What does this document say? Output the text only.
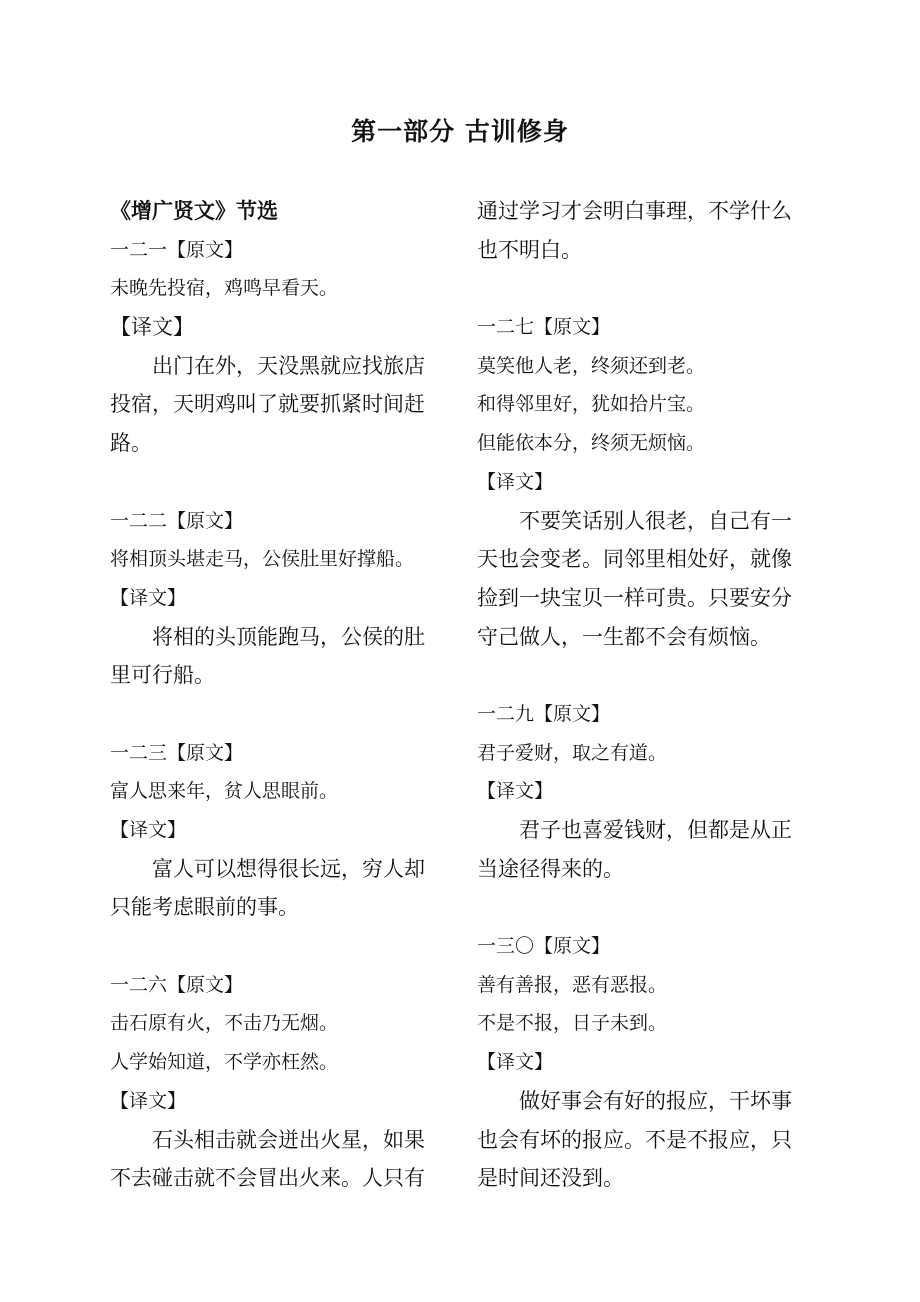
第一部分 古训修身
《增广贤文》节选
一二一【原文】
未晚先投宿，鸡鸣早看天。
【译文】
出门在外，天没黑就应找旅店
投宿，天明鸡叫了就要抓紧时间赶
路。
一二二【原文】
将相顶头堪走马，公侯肚里好撑船。
【译文】
将相的头顶能跑马，公侯的肚
里可行船。
一二三【原文】
富人思来年，贫人思眼前。
【译文】
富人可以想得很长远，穷人却
只能考虑眼前的事。
一二六【原文】
击石原有火，不击乃无烟。
人学始知道，不学亦枉然。
【译文】
石头相击就会迸出火星，如果
不去碰击就不会冒出火来。人只有
通过学习才会明白事理，不学什么
也不明白。
一二七【原文】
莫笑他人老，终须还到老。
和得邻里好，犹如拾片宝。
但能依本分，终须无烦恼。
【译文】
不要笑话别人很老，自己有一
天也会变老。同邻里相处好，就像
捡到一块宝贝一样可贵。只要安分
守己做人，一生都不会有烦恼。
一二九【原文】
君子爱财，取之有道。
【译文】
君子也喜爱钱财，但都是从正
当途径得来的。
一三〇【原文】
善有善报，恶有恶报。
不是不报，日子未到。
【译文】
做好事会有好的报应，干坏事
也会有坏的报应。不是不报应，只
是时间还没到。
